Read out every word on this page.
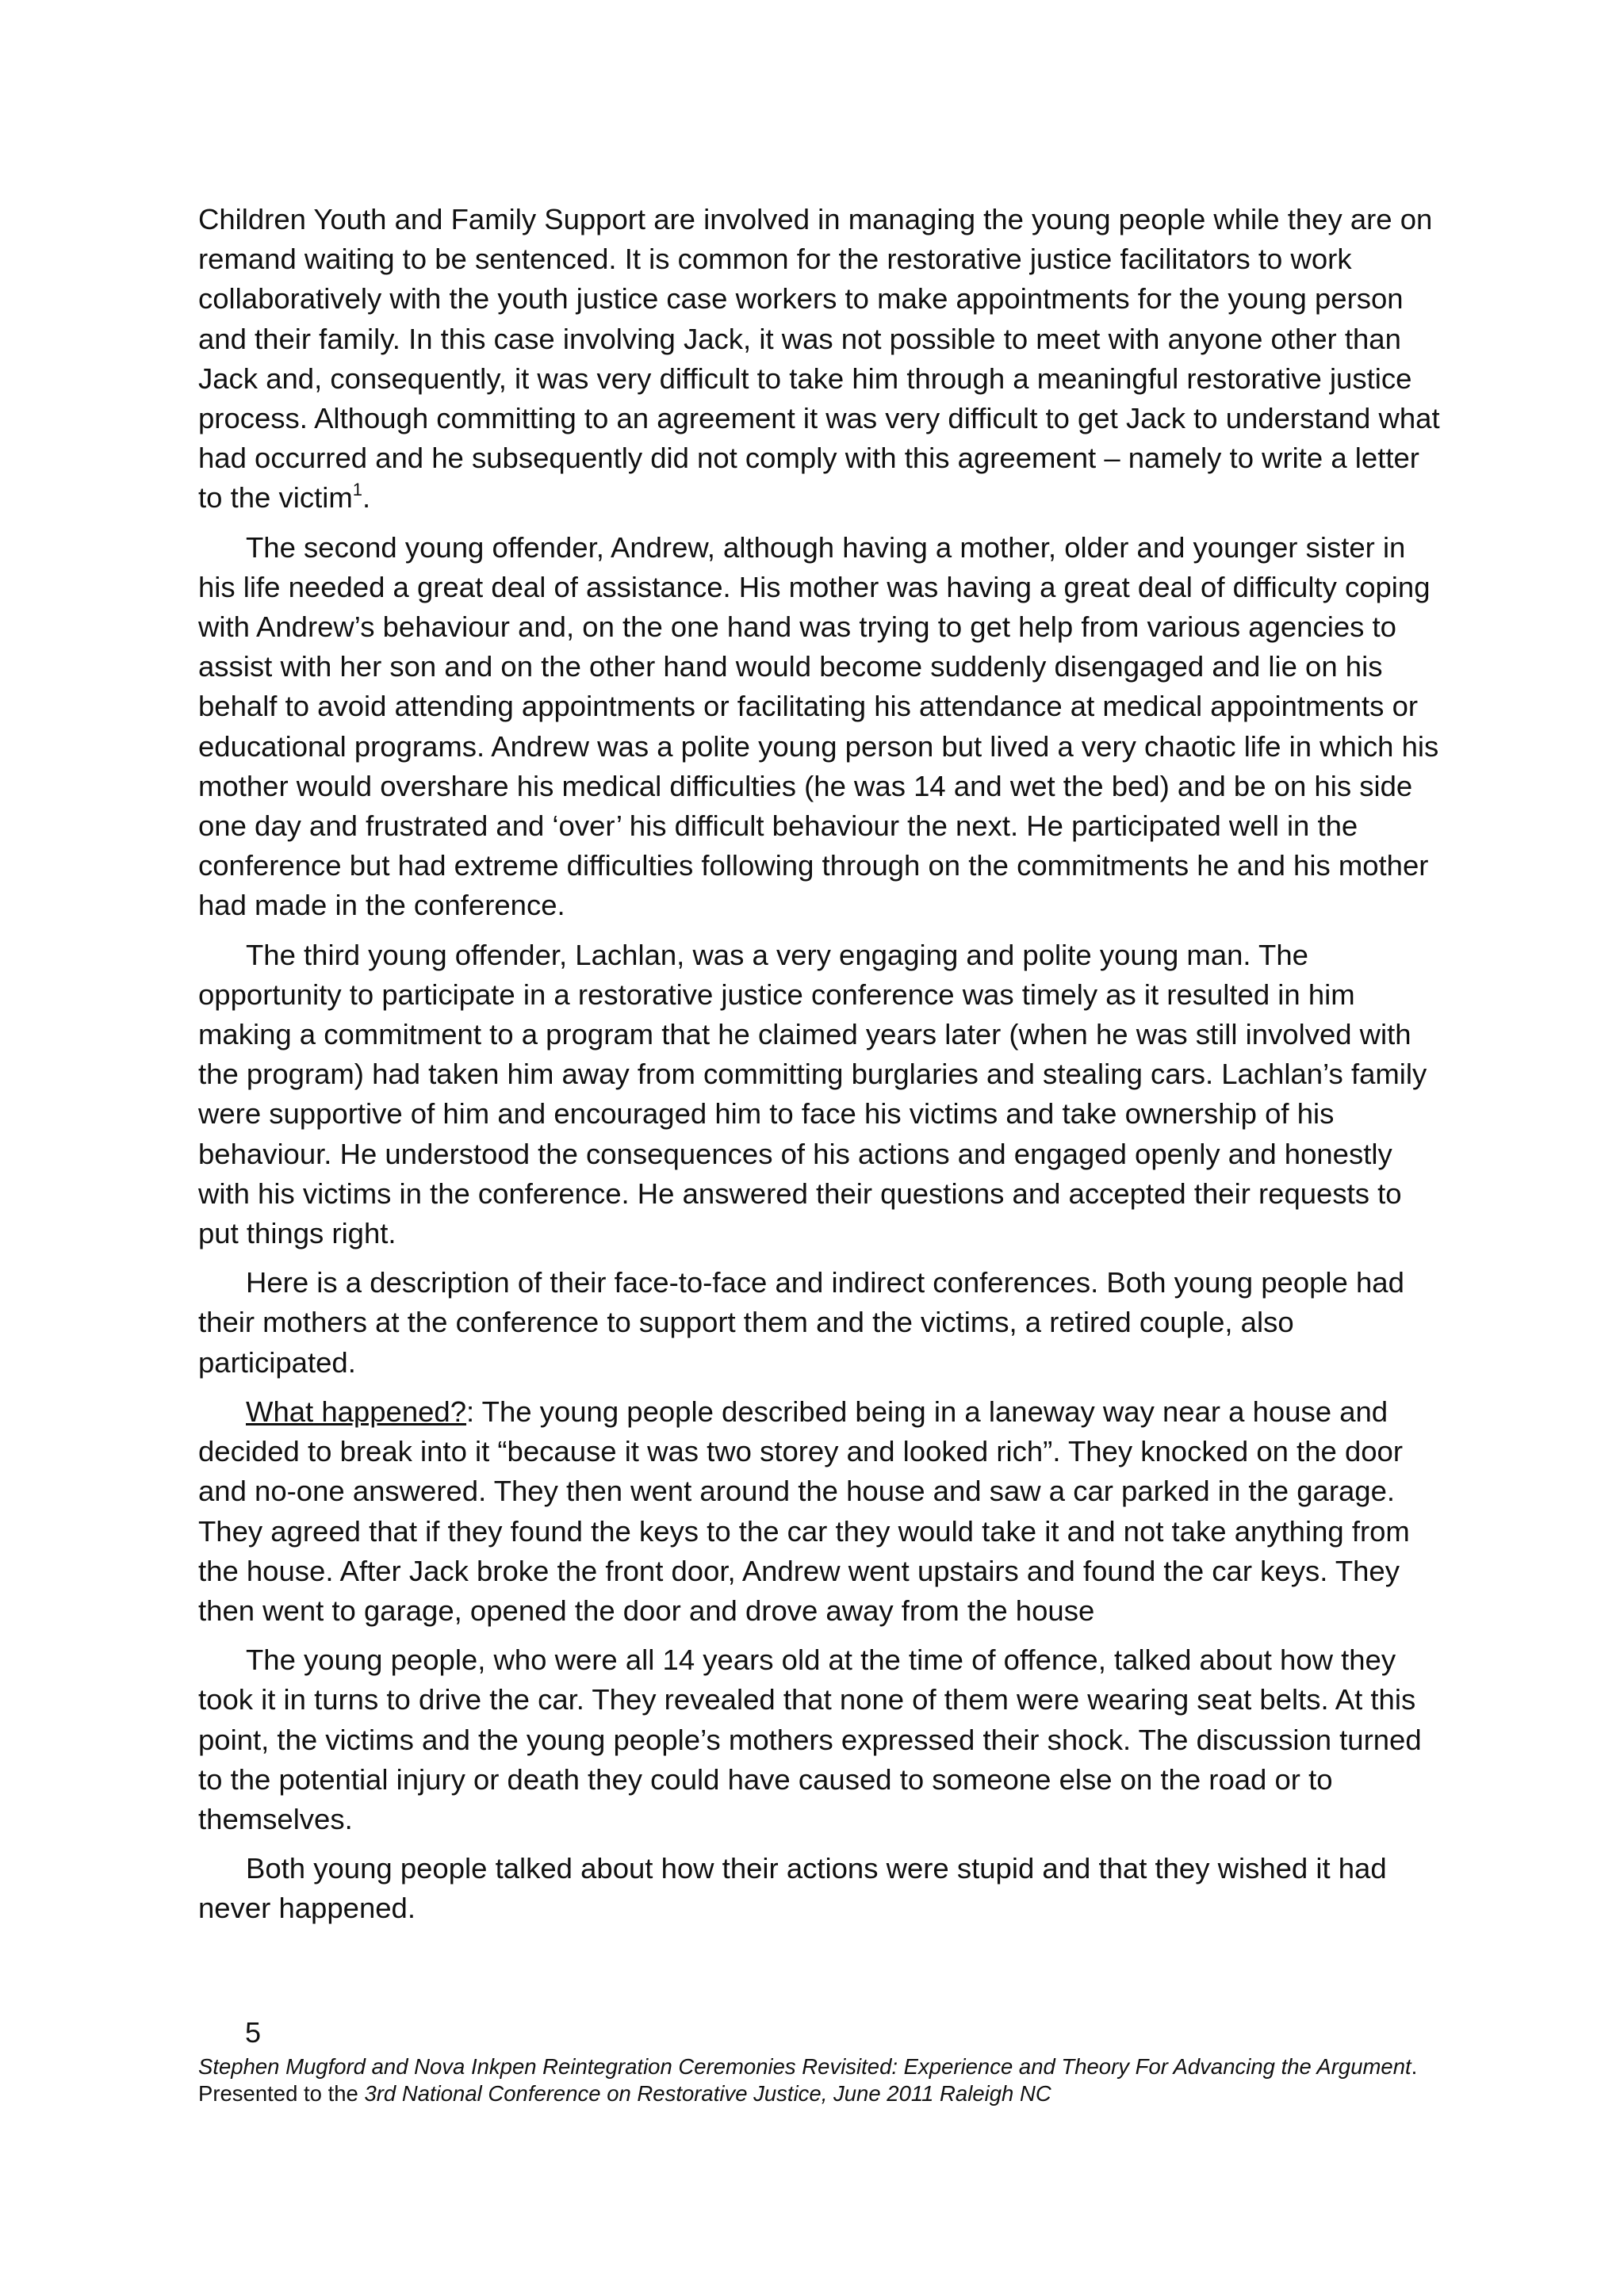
Children Youth and Family Support are involved in managing the young people while they are on remand waiting to be sentenced. It is common for the restorative justice facilitators to work collaboratively with the youth justice case workers to make appointments for the young person and their family. In this case involving Jack, it was not possible to meet with anyone other than Jack and, consequently, it was very difficult to take him through a meaningful restorative justice process. Although committing to an agreement it was very difficult to get Jack to understand what had occurred and he subsequently did not comply with this agreement – namely to write a letter to the victim$^1$.

The second young offender, Andrew, although having a mother, older and younger sister in his life needed a great deal of assistance. His mother was having a great deal of difficulty coping with Andrew’s behaviour and, on the one hand was trying to get help from various agencies to assist with her son and on the other hand would become suddenly disengaged and lie on his behalf to avoid attending appointments or facilitating his attendance at medical appointments or educational programs. Andrew was a polite young person but lived a very chaotic life in which his mother would overshare his medical difficulties (he was 14 and wet the bed) and be on his side one day and frustrated and ‘over’ his difficult behaviour the next. He participated well in the conference but had extreme difficulties following through on the commitments he and his mother had made in the conference.

The third young offender, Lachlan, was a very engaging and polite young man. The opportunity to participate in a restorative justice conference was timely as it resulted in him making a commitment to a program that he claimed years later (when he was still involved with the program) had taken him away from committing burglaries and stealing cars. Lachlan’s family were supportive of him and encouraged him to face his victims and take ownership of his behaviour. He understood the consequences of his actions and engaged openly and honestly with his victims in the conference. He answered their questions and accepted their requests to put things right.

Here is a description of their face-to-face and indirect conferences. Both young people had their mothers at the conference to support them and the victims, a retired couple, also participated.

What happened?: The young people described being in a laneway way near a house and decided to break into it “because it was two storey and looked rich”. They knocked on the door and no-one answered. They then went around the house and saw a car parked in the garage. They agreed that if they found the keys to the car they would take it and not take anything from the house. After Jack broke the front door, Andrew went upstairs and found the car keys. They then went to garage, opened the door and drove away from the house

The young people, who were all 14 years old at the time of offence, talked about how they took it in turns to drive the car. They revealed that none of them were wearing seat belts. At this point, the victims and the young people’s mothers expressed their shock. The discussion turned to the potential injury or death they could have caused to someone else on the road or to themselves.

Both young people talked about how their actions were stupid and that they wished it had never happened.

5
Stephen Mugford and Nova Inkpen Reintegration Ceremonies Revisited: Experience and Theory For Advancing the Argument. Presented to the 3rd National Conference on Restorative Justice, June 2011 Raleigh NC
